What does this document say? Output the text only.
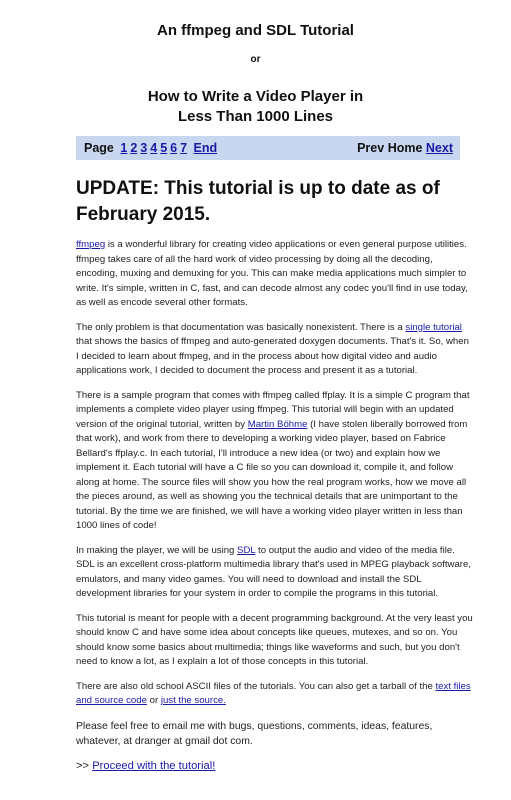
An ffmpeg and SDL Tutorial
or
How to Write a Video Player in
Less Than 1000 Lines
Page 1 2 3 4 5 6 7 End	Prev Home Next
UPDATE: This tutorial is up to date as of February 2015.

ffmpeg is a wonderful library for creating video applications or even general purpose utilities. ffmpeg takes care of all the hard work of video processing by doing all the decoding, encoding, muxing and demuxing for you. This can make media applications much simpler to write. It's simple, written in C, fast, and can decode almost any codec you'll find in use today, as well as encode several other formats.

The only problem is that documentation was basically nonexistent. There is a single tutorial that shows the basics of ffmpeg and auto-generated doxygen documents. That's it. So, when I decided to learn about ffmpeg, and in the process about how digital video and audio applications work, I decided to document the process and present it as a tutorial.

There is a sample program that comes with ffmpeg called ffplay. It is a simple C program that implements a complete video player using ffmpeg. This tutorial will begin with an updated version of the original tutorial, written by Martin Böhme (I have stolen liberally borrowed from that work), and work from there to developing a working video player, based on Fabrice Bellard's ffplay.c. In each tutorial, I'll introduce a new idea (or two) and explain how we implement it. Each tutorial will have a C file so you can download it, compile it, and follow along at home. The source files will show you how the real program works, how we move all the pieces around, as well as showing you the technical details that are unimportant to the tutorial. By the time we are finished, we will have a working video player written in less than 1000 lines of code!

In making the player, we will be using SDL to output the audio and video of the media file. SDL is an excellent cross-platform multimedia library that's used in MPEG playback software, emulators, and many video games. You will need to download and install the SDL development libraries for your system in order to compile the programs in this tutorial.

This tutorial is meant for people with a decent programming background. At the very least you should know C and have some idea about concepts like queues, mutexes, and so on. You should know some basics about multimedia; things like waveforms and such, but you don't need to know a lot, as I explain a lot of those concepts in this tutorial.

There are also old school ASCII files of the tutorials. You can also get a tarball of the text files and source code or just the source.

Please feel free to email me with bugs, questions, comments, ideas, features, whatever, at dranger at gmail dot com.

>> Proceed with the tutorial!
